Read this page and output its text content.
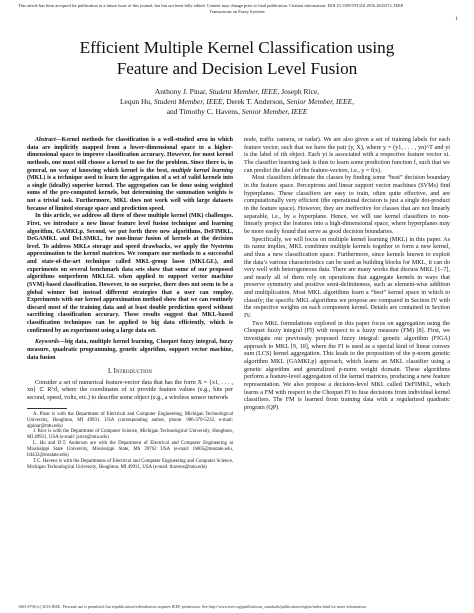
This article has been accepted for publication in a future issue of this journal, but has not been fully edited. Content may change prior to final publication. Citation information: DOI 10.1109/TFUZZ.2016.2633372, IEEE
Transactions on Fuzzy Systems
1
Efficient Multiple Kernel Classification using
Feature and Decision Level Fusion
Anthony J. Pinar, Student Member, IEEE, Joseph Rice,
Lequn Hu, Student Member, IEEE, Derek T. Anderson, Senior Member, IEEE,
and Timothy C. Havens, Senior Member, IEEE

Abstract—Kernel methods for classification is a well-studied area in which data are implicitly mapped from a lower-dimensional space to a higher-dimensional space to improve classification accuracy. However, for most kernel methods, one must still choose a kernel to use for the problem. Since there is, in general, no way of knowing which kernel is the best, multiple kernel learning (MKL) is a technique used to learn the aggregation of a set of valid kernels into a single (ideally) superior kernel. The aggregation can be done using weighted sums of the pre-computed kernels, but determining the summation weights is not a trivial task. Furthermore, MKL does not work well with large datasets because of limited storage space and prediction speed.

In this article, we address all three of these multiple kernel (MK) challenges. First, we introduce a new linear feature level fusion technique and learning algorithm, GAMKLp. Second, we put forth three new algorithms, DeFIMKL, DeGAMKL and DeLSMKL, for non-linear fusion of kernels at the decision level. To address MKLs storage and speed drawbacks, we apply the Nyström approximation to the kernel matrices. We compare our methods to a successful and state-of-the-art technique called MKL-group lasso (MKLGL), and experiments on several benchmark data sets show that some of our proposed algorithms outperform MKLGL when applied to support vector machine (SVM)-based classification. However, to no surprise, there does not seem to be a global winner but instead different strategies that a user can employ. Experiments with our kernel approximation method show that we can routinely discard most of the training data and at least double prediction speed without sacrificing classification accuracy. These results suggest that MKL-based classification techniques can be applied to big data efficiently, which is confirmed by an experiment using a large data set.

Keywords—big data, multiple kernel learning, Choquet fuzzy integral, fuzzy measure, quadratic programming, genetic algorithm, support vector machine, data fusion

I. Introduction

Consider a set of numerical feature-vector data that has the form X = {x1, . . . , xn} ⊂ R^d, where the coordinates of xi provide feature values (e.g., bits per second, speed, volts, etc.) to describe some object (e.g., a wireless sensor network

A. Pinar is with the Department of Electrical and Computer Engineering, Michigan Technological University, Houghton, MI 49931, USA (corresponding author, phone: 906-370-5232, e-mail: ajpinar@mtu.edu)

J. Rice is with the Department of Computer Science, Michigan Technological University, Houghton, MI 49931, USA (e-mail: jsrice@mtu.edu)

L. Hu and D.T. Anderson are with the Department of Electrical and Computer Engineering at Mississippi State University, Mississippi State, MS 39762 USA (e-mail: lh805@msstate.edu, ll4432@msstate.edu)

T.C. Havens is with the Departments of Electrical and Computer Engineering and Computer Science, Michigan Technological University, Houghton, MI 49931, USA (e-mail: thavens@mtu.edu)

node, traffic camera, or radar). We are also given a set of training labels for each feature vector, such that we have the pair (y, X), where y = (y1, . . . , yn)^T and yi is the label of ith object. Each yi is associated with a respective feature vector xi. The classifier learning task is thus to learn some prediction function f, such that we can predict the label of the feature-vectors, i.e., y = f(x).

Most classifiers delineate the classes by finding some “best” decision boundary in the feature space. Perceptrons and linear support vector machines (SVMs) find hyperplanes. These classifiers are easy to train, often quite effective, and are computationally very efficient (the operational decision is just a single dot-product in the feature space). However, they are ineffective for classes that are not linearly separable, i.e., by a hyperplane. Hence, we will use kernel classifiers to non-linearly project the features into a high-dimensional space, where hyperplanes may be more easily found that serve as good decision boundaries.

Specifically, we will focus on multiple kernel learning (MKL) in this paper. As its name implies, MKL combines multiple kernels together to form a new kernel, and thus a new classification space. Furthermore, since kernels known to exploit the data’s various characteristics can be used as building blocks for MKL, it can do very well with heterogeneous data. There are many works that discuss MKL [1–7], and nearly all of them rely on operations that aggregate kernels in ways that preserve symmetry and positive semi-definiteness, such as element-wise addition and multiplication. Most MKL algorithms learn a “best” kernel space in which to classify; the specific MKL algorithms we propose are compared in Section IV with the respective weights on each component kernel. Details are contained in Section IV.

Two MKL formulations explored in this paper focus on aggregation using the Choquet fuzzy integral (FI) with respect to a fuzzy measure (FM) [8]. First, we investigate our previously proposed fuzzy integral: genetic algorithm (FIGA) approach to MKL [9, 10], where the FI is used as a special kind of linear convex sum (LCS) kernel aggregation. This leads to the proposition of the p-norm genetic algorithm MKL (GAMKLp) approach, which learns an MKL classifier using a genetic algorithm and generalized p-norm weight domain. These algorithms perform a feature-level aggregation of the kernel matrices, producing a new feature representation. We also propose a decision-level MKL called DeFIMKL, which learns a FM with respect to the Choquet FI to fuse decisions from individual kernel classifiers. The FM is learned from training data with a regularized quadratic program (QP)

1063-6706 (c) 2016 IEEE. Personal use is permitted, but republication/redistribution requires IEEE permission. See http://www.ieee.org/publications_standards/publications/rights/index.html for more information.
